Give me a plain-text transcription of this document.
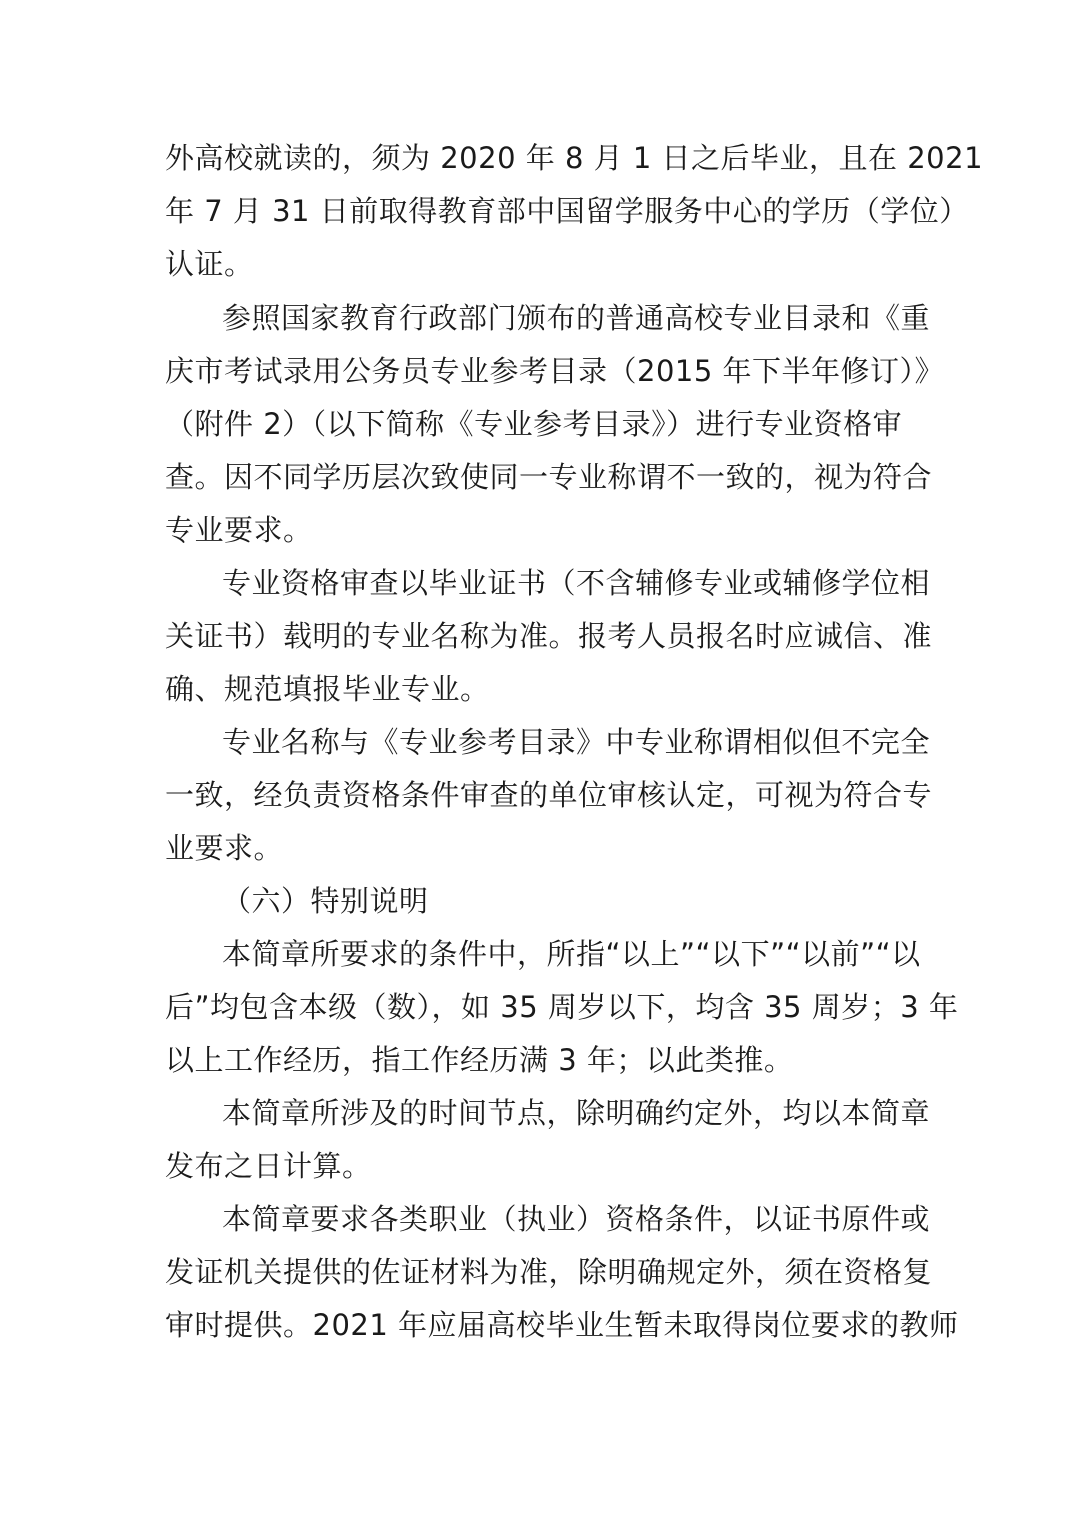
外高校就读的，须为 2020 年 8 月 1 日之后毕业，且在 2021
年 7 月 31 日前取得教育部中国留学服务中心的学历（学位）
认证。
参照国家教育行政部门颁布的普通高校专业目录和《重
庆市考试录用公务员专业参考目录（2015 年下半年修订）》
（附件 2）（以下简称《专业参考目录》）进行专业资格审
查。因不同学历层次致使同一专业称谓不一致的，视为符合
专业要求。
专业资格审查以毕业证书（不含辅修专业或辅修学位相
关证书）载明的专业名称为准。报考人员报名时应诚信、准
确、规范填报毕业专业。
专业名称与《专业参考目录》中专业称谓相似但不完全
一致，经负责资格条件审查的单位审核认定，可视为符合专
业要求。
（六）特别说明
本简章所要求的条件中，所指“以上”“以下”“以前”“以
后”均包含本级（数），如 35 周岁以下，均含 35 周岁；3 年
以上工作经历，指工作经历满 3 年；以此类推。
本简章所涉及的时间节点，除明确约定外，均以本简章
发布之日计算。
本简章要求各类职业（执业）资格条件，以证书原件或
发证机关提供的佐证材料为准，除明确规定外，须在资格复
审时提供。2021 年应届高校毕业生暂未取得岗位要求的教师
